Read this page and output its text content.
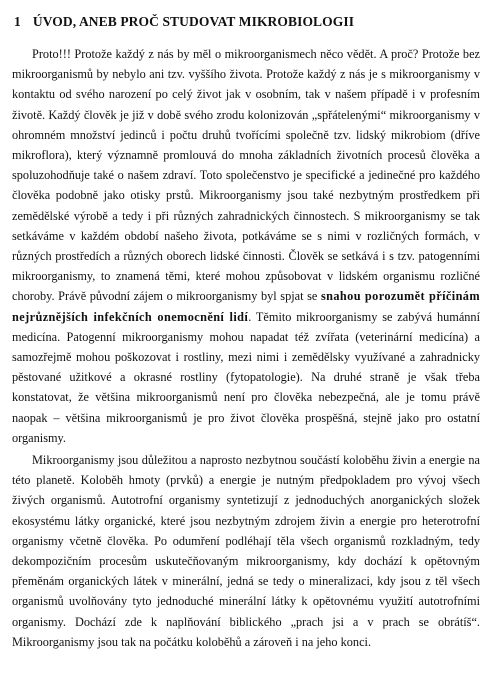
1 ÚVOD, ANEB PROČ STUDOVAT MIKROBIOLOGII

Proto!!! Protože každý z nás by měl o mikroorganismech něco vědět. A proč? Protože bez mikroorganismů by nebylo ani tzv. vyššího života. Protože každý z nás je s mikroorganismy v kontaktu od svého narození po celý život jak v osobním, tak v našem případě i v profesním životě. Každý člověk je již v době svého zrodu kolonizován „spřátelenými“ mikroorganismy v ohromném množství jedinců i počtu druhů tvořícími společně tzv. lidský mikrobiom (dříve mikroflora), který významně promlouvá do mnoha základních životních procesů člověka a spoluzohodňuje také o našem zdraví. Toto společenstvo je specifické a jedinečné pro každého člověka podobně jako otisky prstů. Mikroorganismy jsou také nezbytným prostředkem při zemědělské výrobě a tedy i při různých zahradnických činnostech. S mikroorganismy se tak setkáváme v každém období našeho života, potkáváme se s nimi v rozličných formách, v různých prostředích a různých oborech lidské činnosti. Člověk se setkává i s tzv. patogenními mikroorganismy, to znamená těmi, které mohou způsobovat v lidském organismu rozličné choroby. Právě původní zájem o mikroorganismy byl spjat se snahou porozumět příčinám nejrůznějších infekčních onemocnění lidí. Těmito mikroorganismy se zabývá humánní medicína. Patogenní mikroorganismy mohou napadat též zvířata (veterinární medicína) a samozřejmě mohou poškozovat i rostliny, mezi nimi i zemědělsky využívané a zahradnicky pěstované užitkové a okrasné rostliny (fytopatologie). Na druhé straně je však třeba konstatovat, že většina mikroorganismů není pro člověka nebezpečná, ale je tomu právě naopak – většina mikroorganismů je pro život člověka prospěšná, stejně jako pro ostatní organismy.

Mikroorganismy jsou důležitou a naprosto nezbytnou součástí koloběhu živin a energie na této planetě. Koloběh hmoty (prvků) a energie je nutným předpokladem pro vývoj všech živých organismů. Autotrofní organismy syntetizují z jednoduchých anorganických složek ekosystému látky organické, které jsou nezbytným zdrojem živin a energie pro heterotrofní organismy včetně člověka. Po odumření podléhají těla všech organismů rozkladným, tedy dekompozičním procesům uskutečňovaným mikroorganismy, kdy dochází k opětovným přeměnám organických látek v minerální, jedná se tedy o mineralizaci, kdy jsou z těl všech organismů uvolňovány tyto jednoduché minerální látky k opětovnému využití autotrofními organismy. Dochází zde k naplňování biblického „prach jsi a v prach se obrátíš“. Mikroorganismy jsou tak na počátku koloběhů a zároveň i na jeho konci.
